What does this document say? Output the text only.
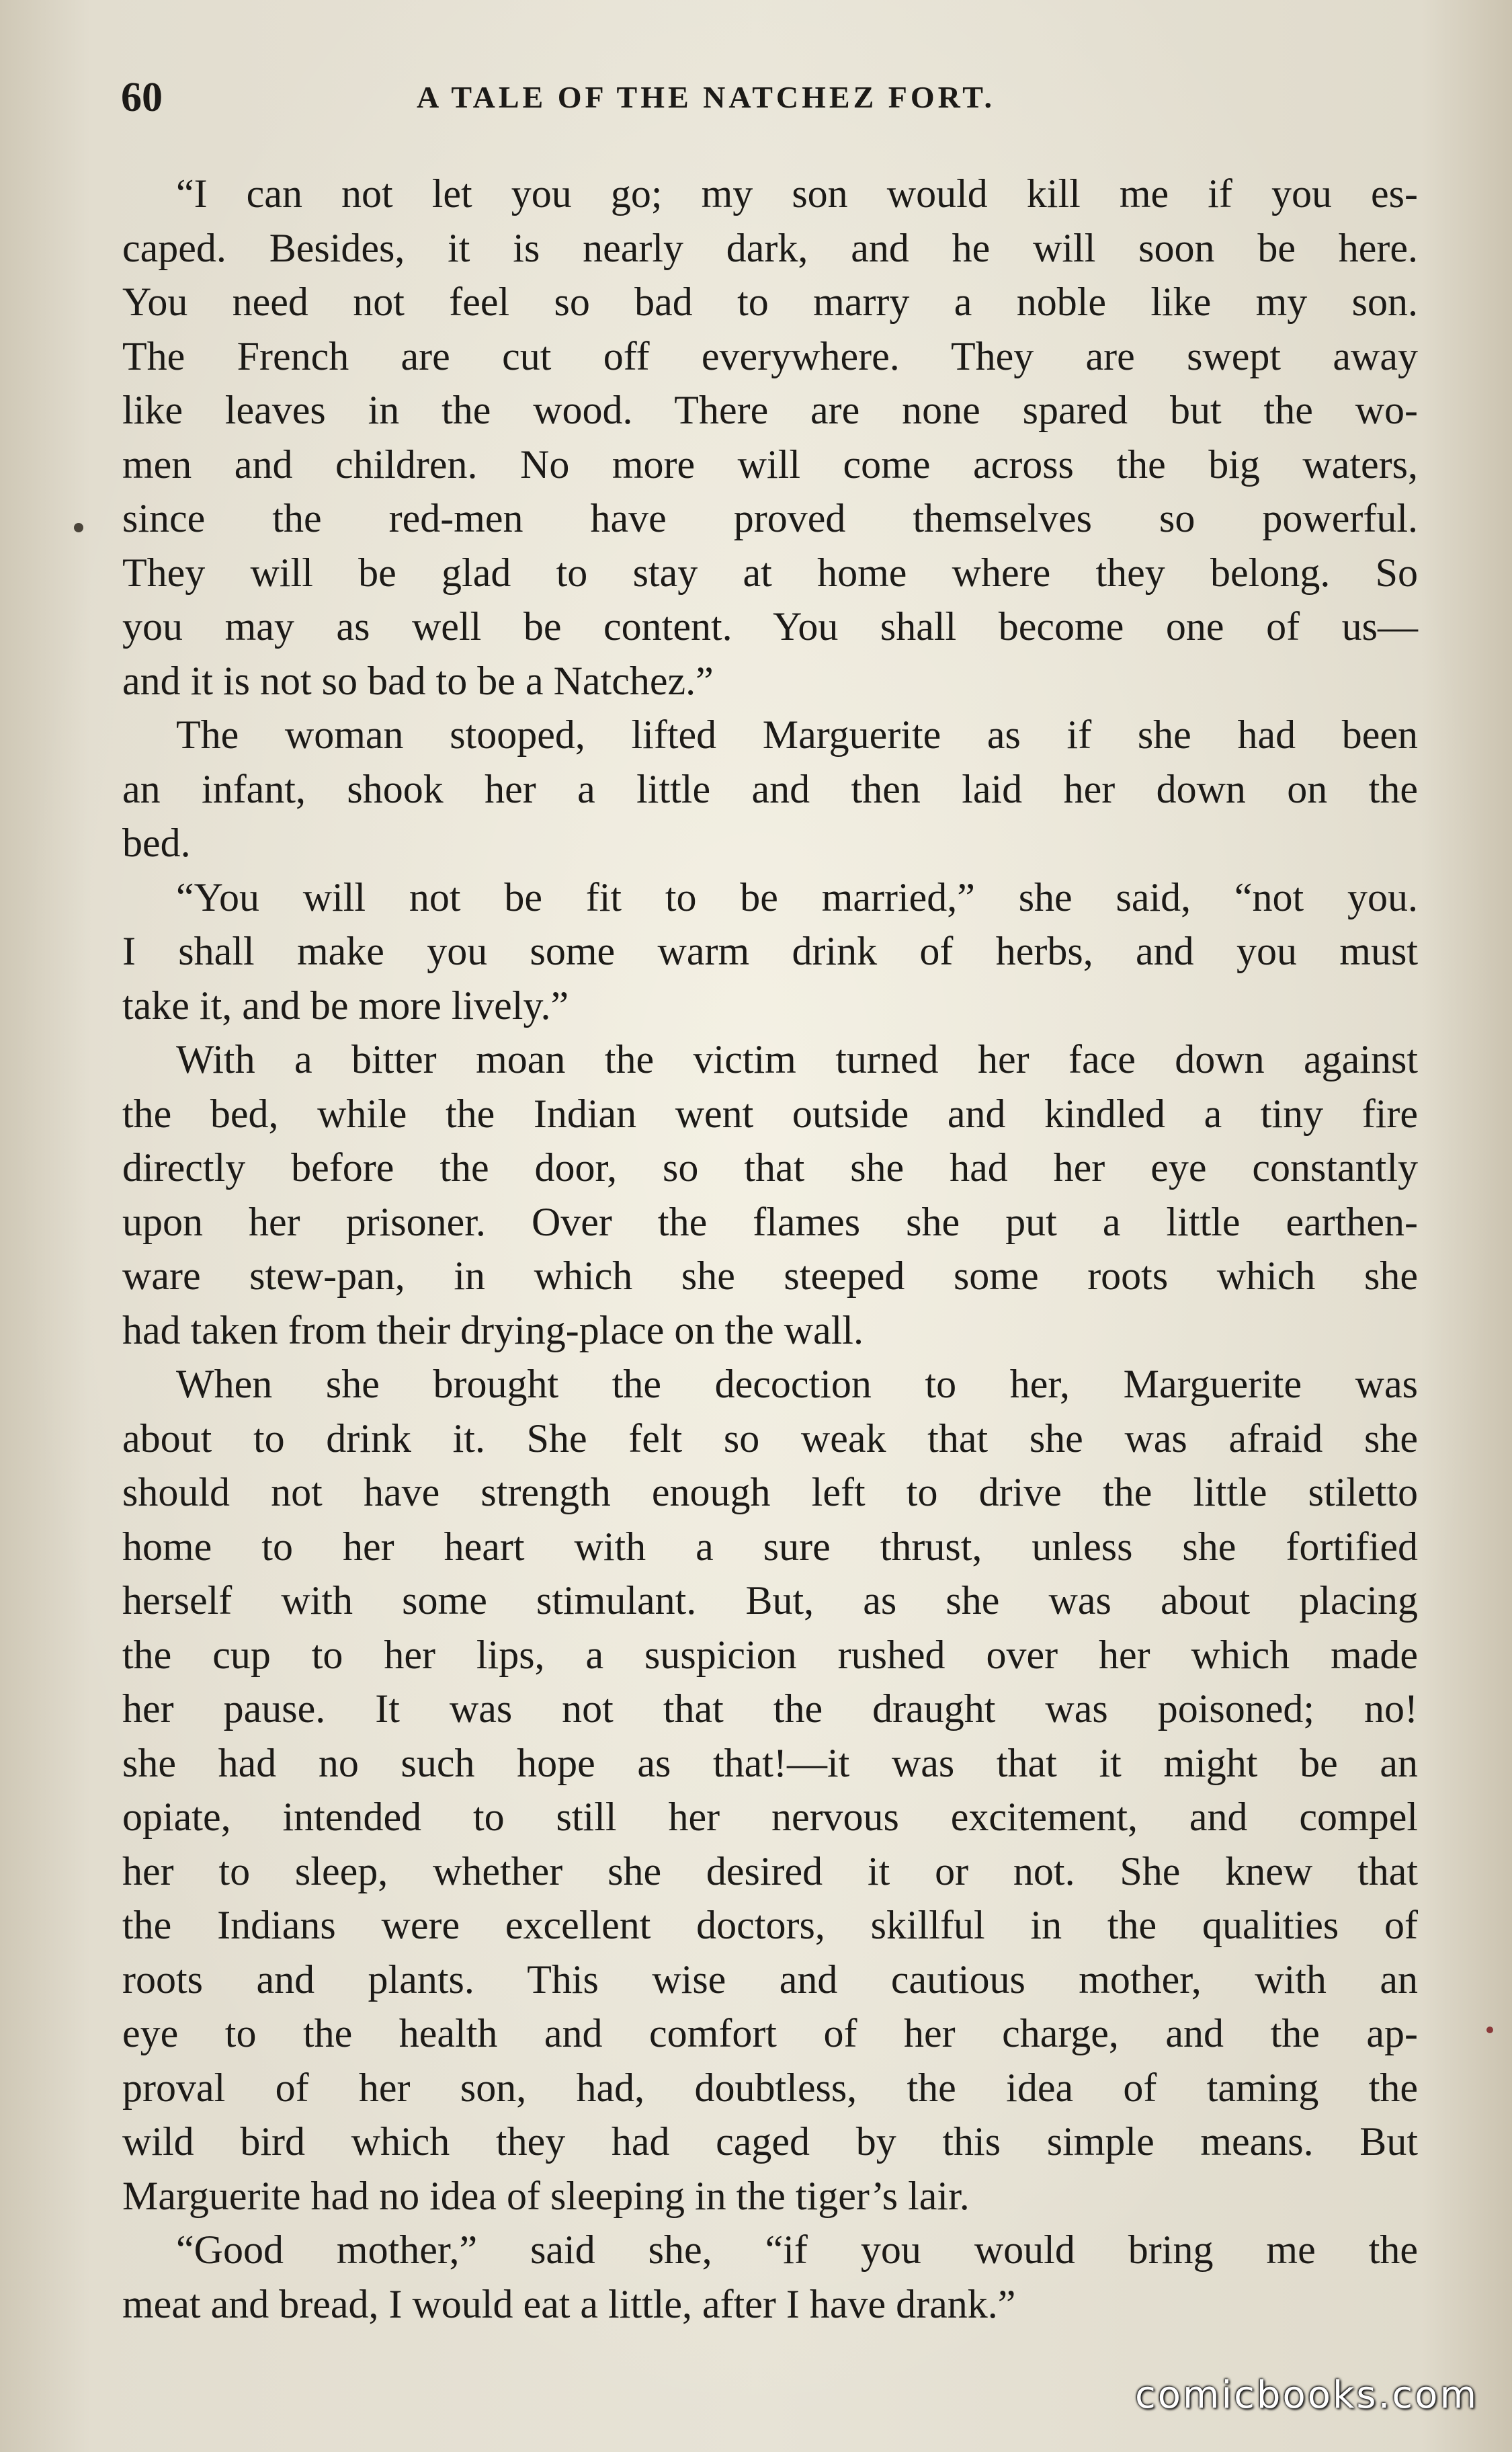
60	A TALE OF THE NATCHEZ FORT.
“I can not let you go; my son would kill me if you es-
caped. Besides, it is nearly dark, and he will soon be here.
You need not feel so bad to marry a noble like my son.
The French are cut off everywhere. They are swept away
like leaves in the wood. There are none spared but the wo-
men and children. No more will come across the big waters,
since the red-men have proved themselves so powerful.
They will be glad to stay at home where they belong. So
you may as well be content. You shall become one of us—
and it is not so bad to be a Natchez.”
The woman stooped, lifted Marguerite as if she had been
an infant, shook her a little and then laid her down on the
bed.
“You will not be fit to be married,” she said, “not you.
I shall make you some warm drink of herbs, and you must
take it, and be more lively.”
With a bitter moan the victim turned her face down against
the bed, while the Indian went outside and kindled a tiny fire
directly before the door, so that she had her eye constantly
upon her prisoner. Over the flames she put a little earthen-
ware stew-pan, in which she steeped some roots which she
had taken from their drying-place on the wall.
When she brought the decoction to her, Marguerite was
about to drink it. She felt so weak that she was afraid she
should not have strength enough left to drive the little stiletto
home to her heart with a sure thrust, unless she fortified
herself with some stimulant. But, as she was about placing
the cup to her lips, a suspicion rushed over her which made
her pause. It was not that the draught was poisoned; no!
she had no such hope as that!—it was that it might be an
opiate, intended to still her nervous excitement, and compel
her to sleep, whether she desired it or not. She knew that
the Indians were excellent doctors, skillful in the qualities of
roots and plants. This wise and cautious mother, with an
eye to the health and comfort of her charge, and the ap-
proval of her son, had, doubtless, the idea of taming the
wild bird which they had caged by this simple means. But
Marguerite had no idea of sleeping in the tiger’s lair.
“Good mother,” said she, “if you would bring me the
meat and bread, I would eat a little, after I have drank.”
comicbooks.com
